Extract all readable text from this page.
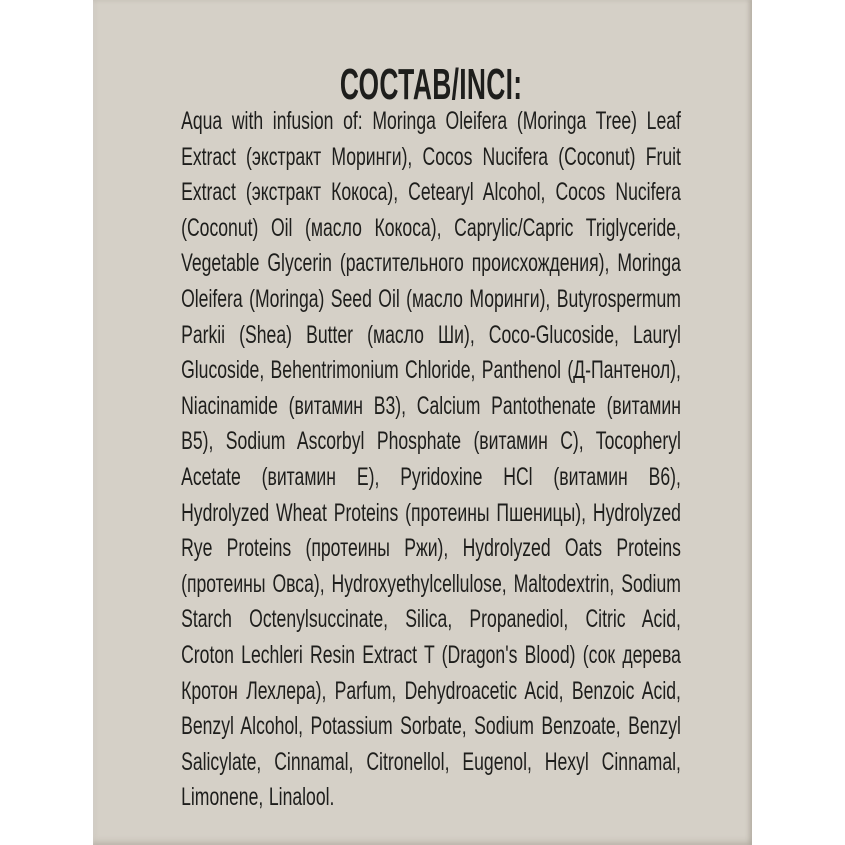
СОСТАВ/INCI:

Aqua with infusion of: Moringa Oleifera (Moringa Tree) Leaf Extract (экстракт Моринги), Cocos Nucifera (Coconut) Fruit Extract (экстракт Кокоса), Cetearyl Alcohol, Cocos Nucifera (Coconut) Oil (масло Кокоса), Caprylic/Capric Triglyceride, Vegetable Glycerin (растительного происхождения), Moringa Oleifera (Moringa) Seed Oil (масло Моринги), Butyrospermum Parkii (Shea) Butter (масло Ши), Coco-Glucoside, Lauryl Glucoside, Behentrimonium Chloride, Panthenol (Д-Пантенол), Niacinamide (витамин В3), Calcium Pantothenate (витамин В5), Sodium Ascorbyl Phosphate (витамин С), Tocopheryl Acetate (витамин Е), Pyridoxine HCl (витамин В6), Hydrolyzed Wheat Proteins (протеины Пшеницы), Hydrolyzed Rye Proteins (протеины Ржи), Hydrolyzed Oats Proteins (протеины Овса), Hydroxyethylcellulose, Maltodextrin, Sodium Starch Octenylsuccinate, Silica, Propanediol, Citric Acid, Croton Lechleri Resin Extract T (Dragon's Blood) (сок дерева Кротон Лехлера), Parfum, Dehydroacetic Acid, Benzoic Acid, Benzyl Alcohol, Potassium Sorbate, Sodium Benzoate, Benzyl Salicylate, Cinnamal, Citronellol, Eugenol, Hexyl Cinnamal, Limonene, Linalool.
